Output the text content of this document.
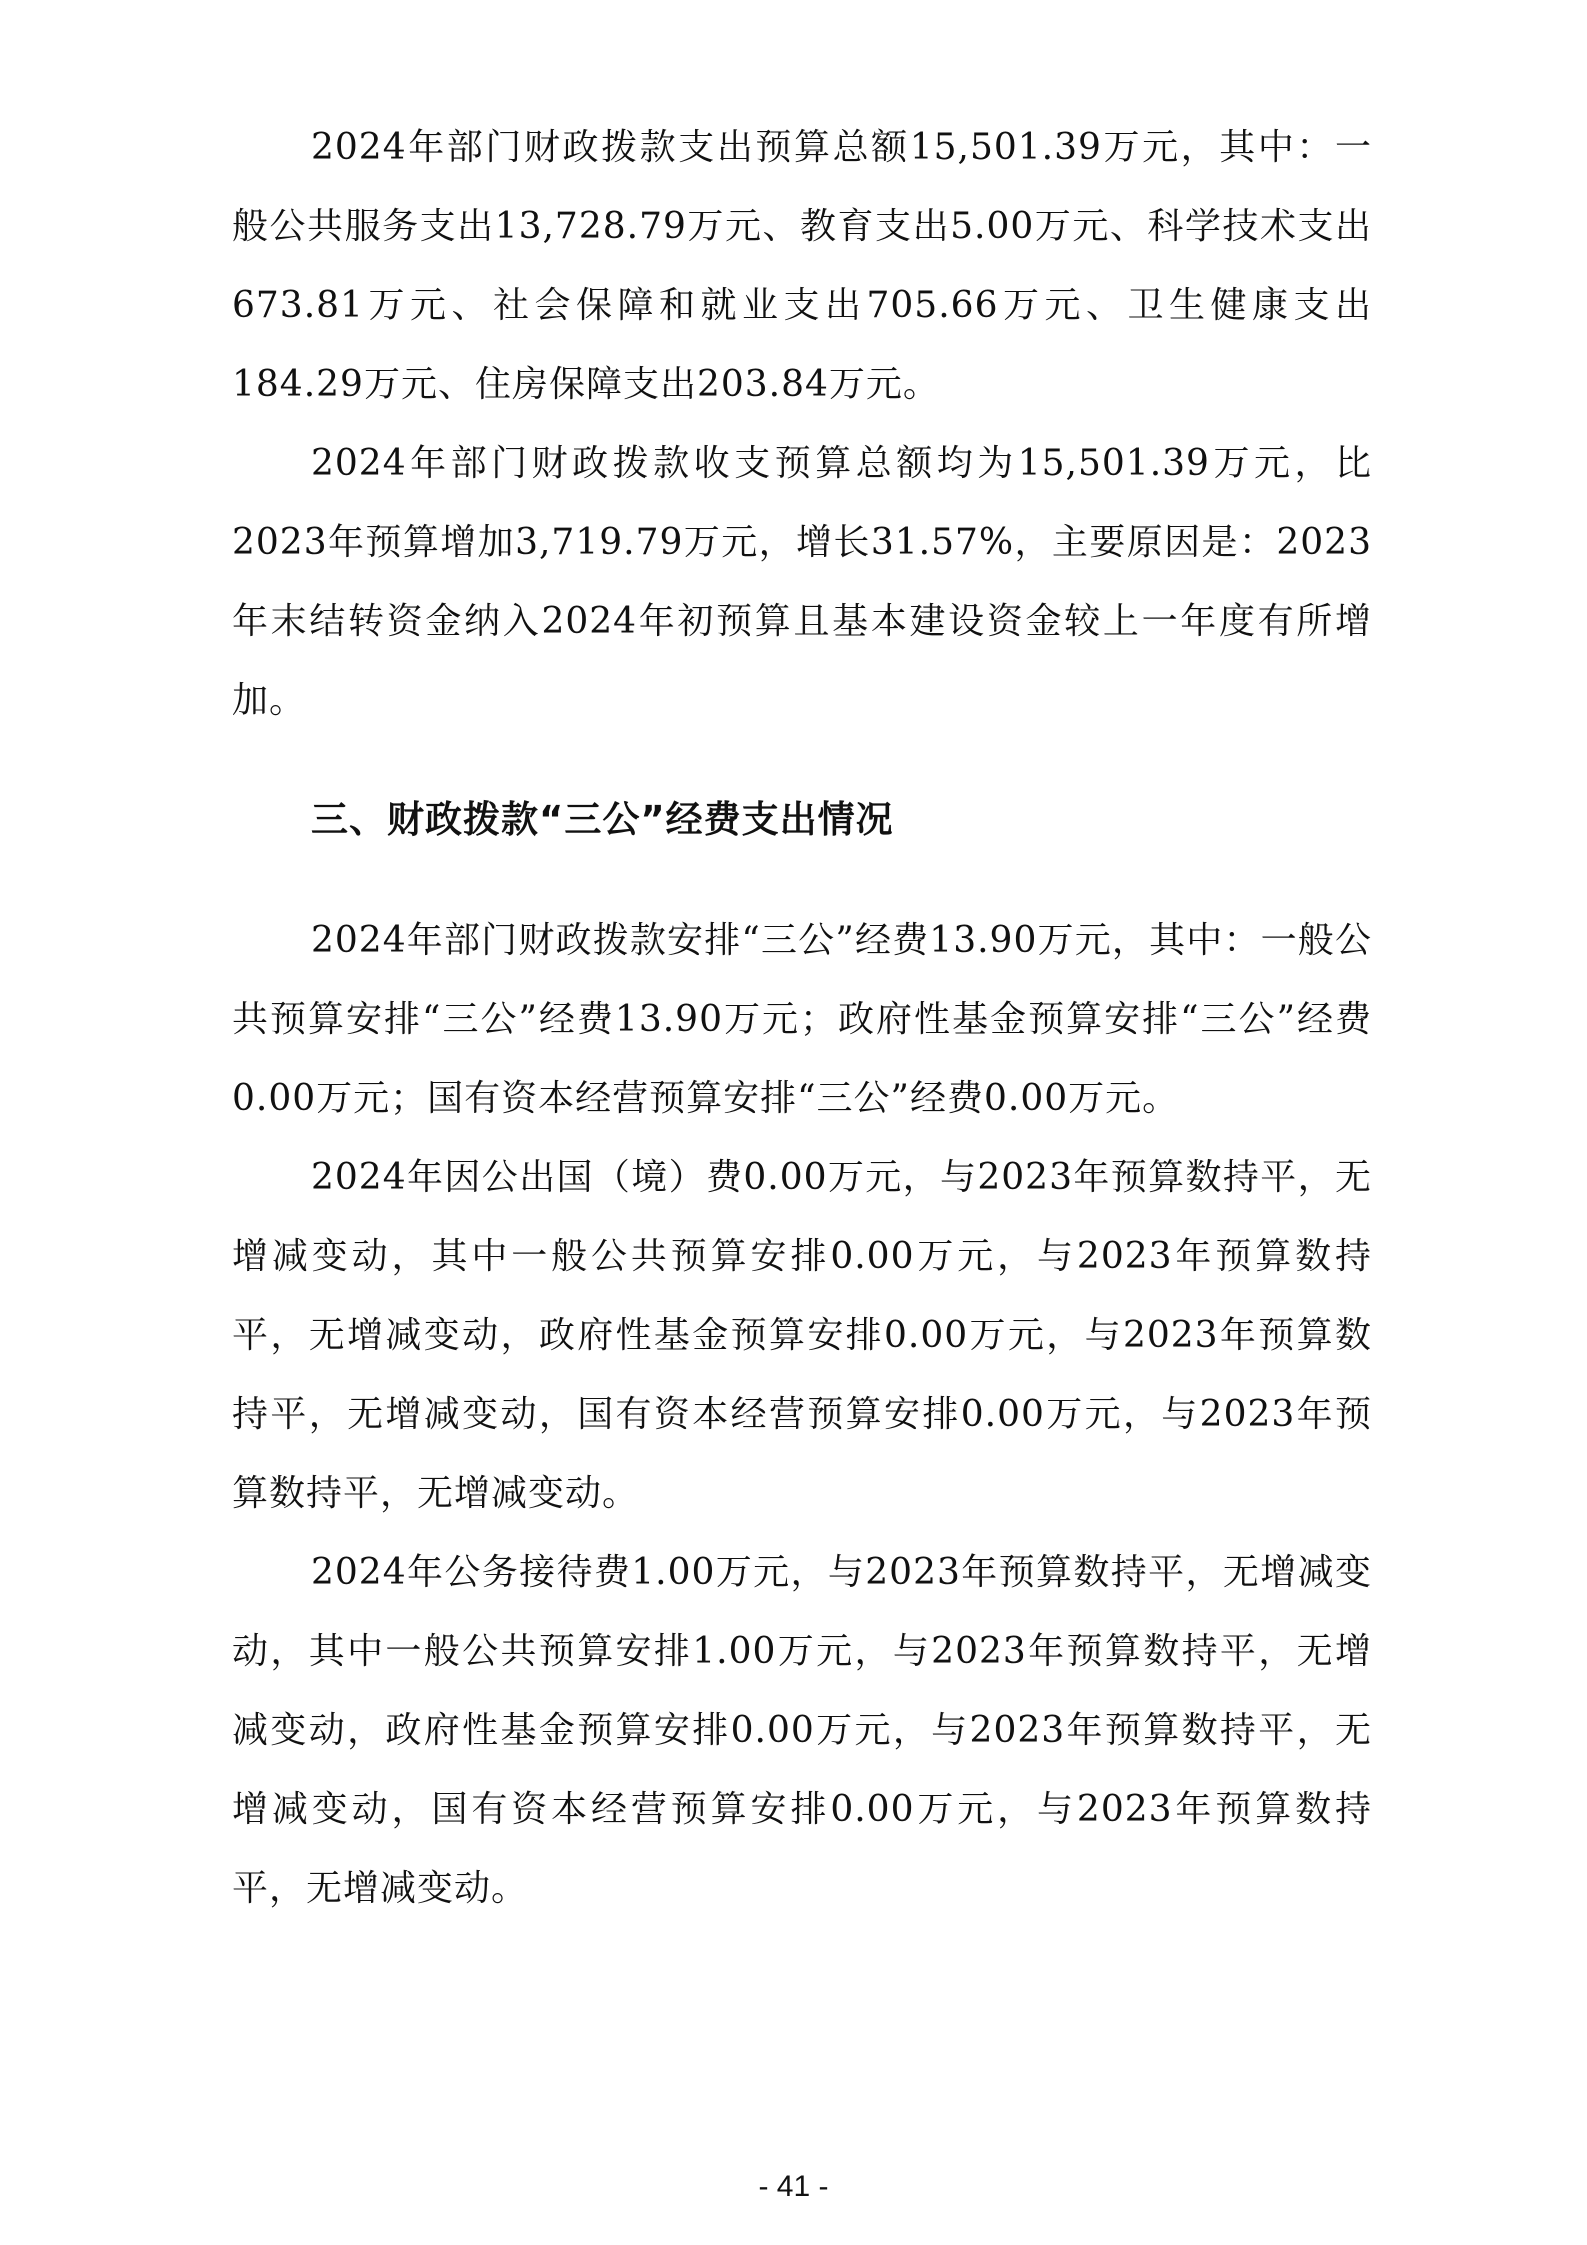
2024年部门财政拨款支出预算总额15,501.39万元，其中：一般公共服务支出13,728.79万元、教育支出5.00万元、科学技术支出673.81万元、社会保障和就业支出705.66万元、卫生健康支出184.29万元、住房保障支出203.84万元。

2024年部门财政拨款收支预算总额均为15,501.39万元，比2023年预算增加3,719.79万元，增长31.57%，主要原因是：2023年末结转资金纳入2024年初预算且基本建设资金较上一年度有所增加。

三、财政拨款“三公”经费支出情况

2024年部门财政拨款安排“三公”经费13.90万元，其中：一般公共预算安排“三公”经费13.90万元；政府性基金预算安排“三公”经费0.00万元；国有资本经营预算安排“三公”经费0.00万元。

2024年因公出国（境）费0.00万元，与2023年预算数持平，无增减变动，其中一般公共预算安排0.00万元，与2023年预算数持平，无增减变动，政府性基金预算安排0.00万元，与2023年预算数持平，无增减变动，国有资本经营预算安排0.00万元，与2023年预算数持平，无增减变动。

2024年公务接待费1.00万元，与2023年预算数持平，无增减变动，其中一般公共预算安排1.00万元，与2023年预算数持平，无增减变动，政府性基金预算安排0.00万元，与2023年预算数持平，无增减变动，国有资本经营预算安排0.00万元，与2023年预算数持平，无增减变动。

- 41 -
